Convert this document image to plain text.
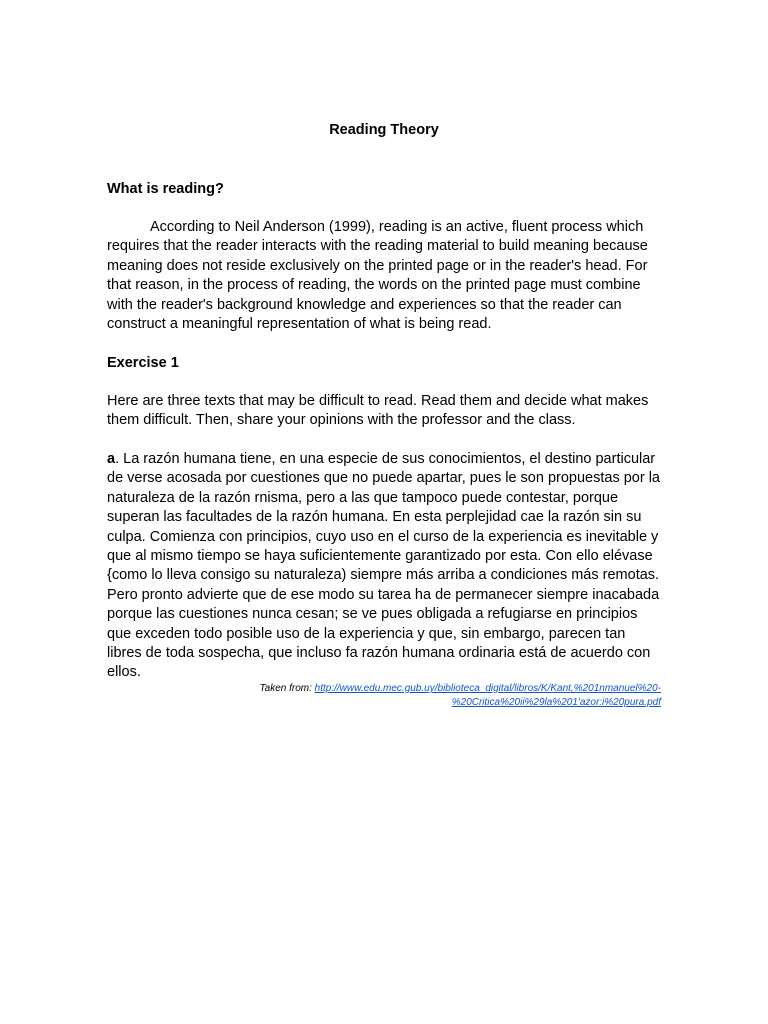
Reading Theory
What is reading?

According to Neil Anderson (1999), reading is an active, fluent process which requires that the reader interacts with the reading material to build meaning because meaning does not reside exclusively on the printed page or in the reader's head. For that reason, in the process of reading, the words on the printed page must combine with the reader's background knowledge and experiences so that the reader can construct a meaningful representation of what is being read.

Exercise 1

Here are three texts that may be difficult to read. Read them and decide what makes them difficult. Then, share your opinions with the professor and the class.

a. La razón humana tiene, en una especie de sus conocimientos, el destino particular de verse acosada por cuestiones que no puede apartar, pues le son propuestas por la naturaleza de la razón rnisma, pero a las que tampoco puede contestar, porque superan las facultades de la razón humana. En esta perplejidad cae la razón sin su culpa. Comienza con principios, cuyo uso en el curso de la experiencia es inevitable y que al mismo tiempo se haya suficientemente garantizado por esta. Con ello elévase {como lo lleva consigo su naturaleza) siempre más arriba a condiciones más remotas. Pero pronto advierte que de ese modo su tarea ha de permanecer siempre inacabada porque las cuestiones nunca cesan; se ve pues obligada a refugiarse en principios que exceden todo posible uso de la experiencia y que, sin embargo, parecen tan libres de toda sospecha, que incluso fa razón humana ordinaria está de acuerdo con ellos.

Taken from: http://www.edu.mec.gub.uy/biblioteca_digital/libros/K/Kant,%201nmanuel%20-%20Critica%20ii%29la%201'azor:i%20pura.pdf
